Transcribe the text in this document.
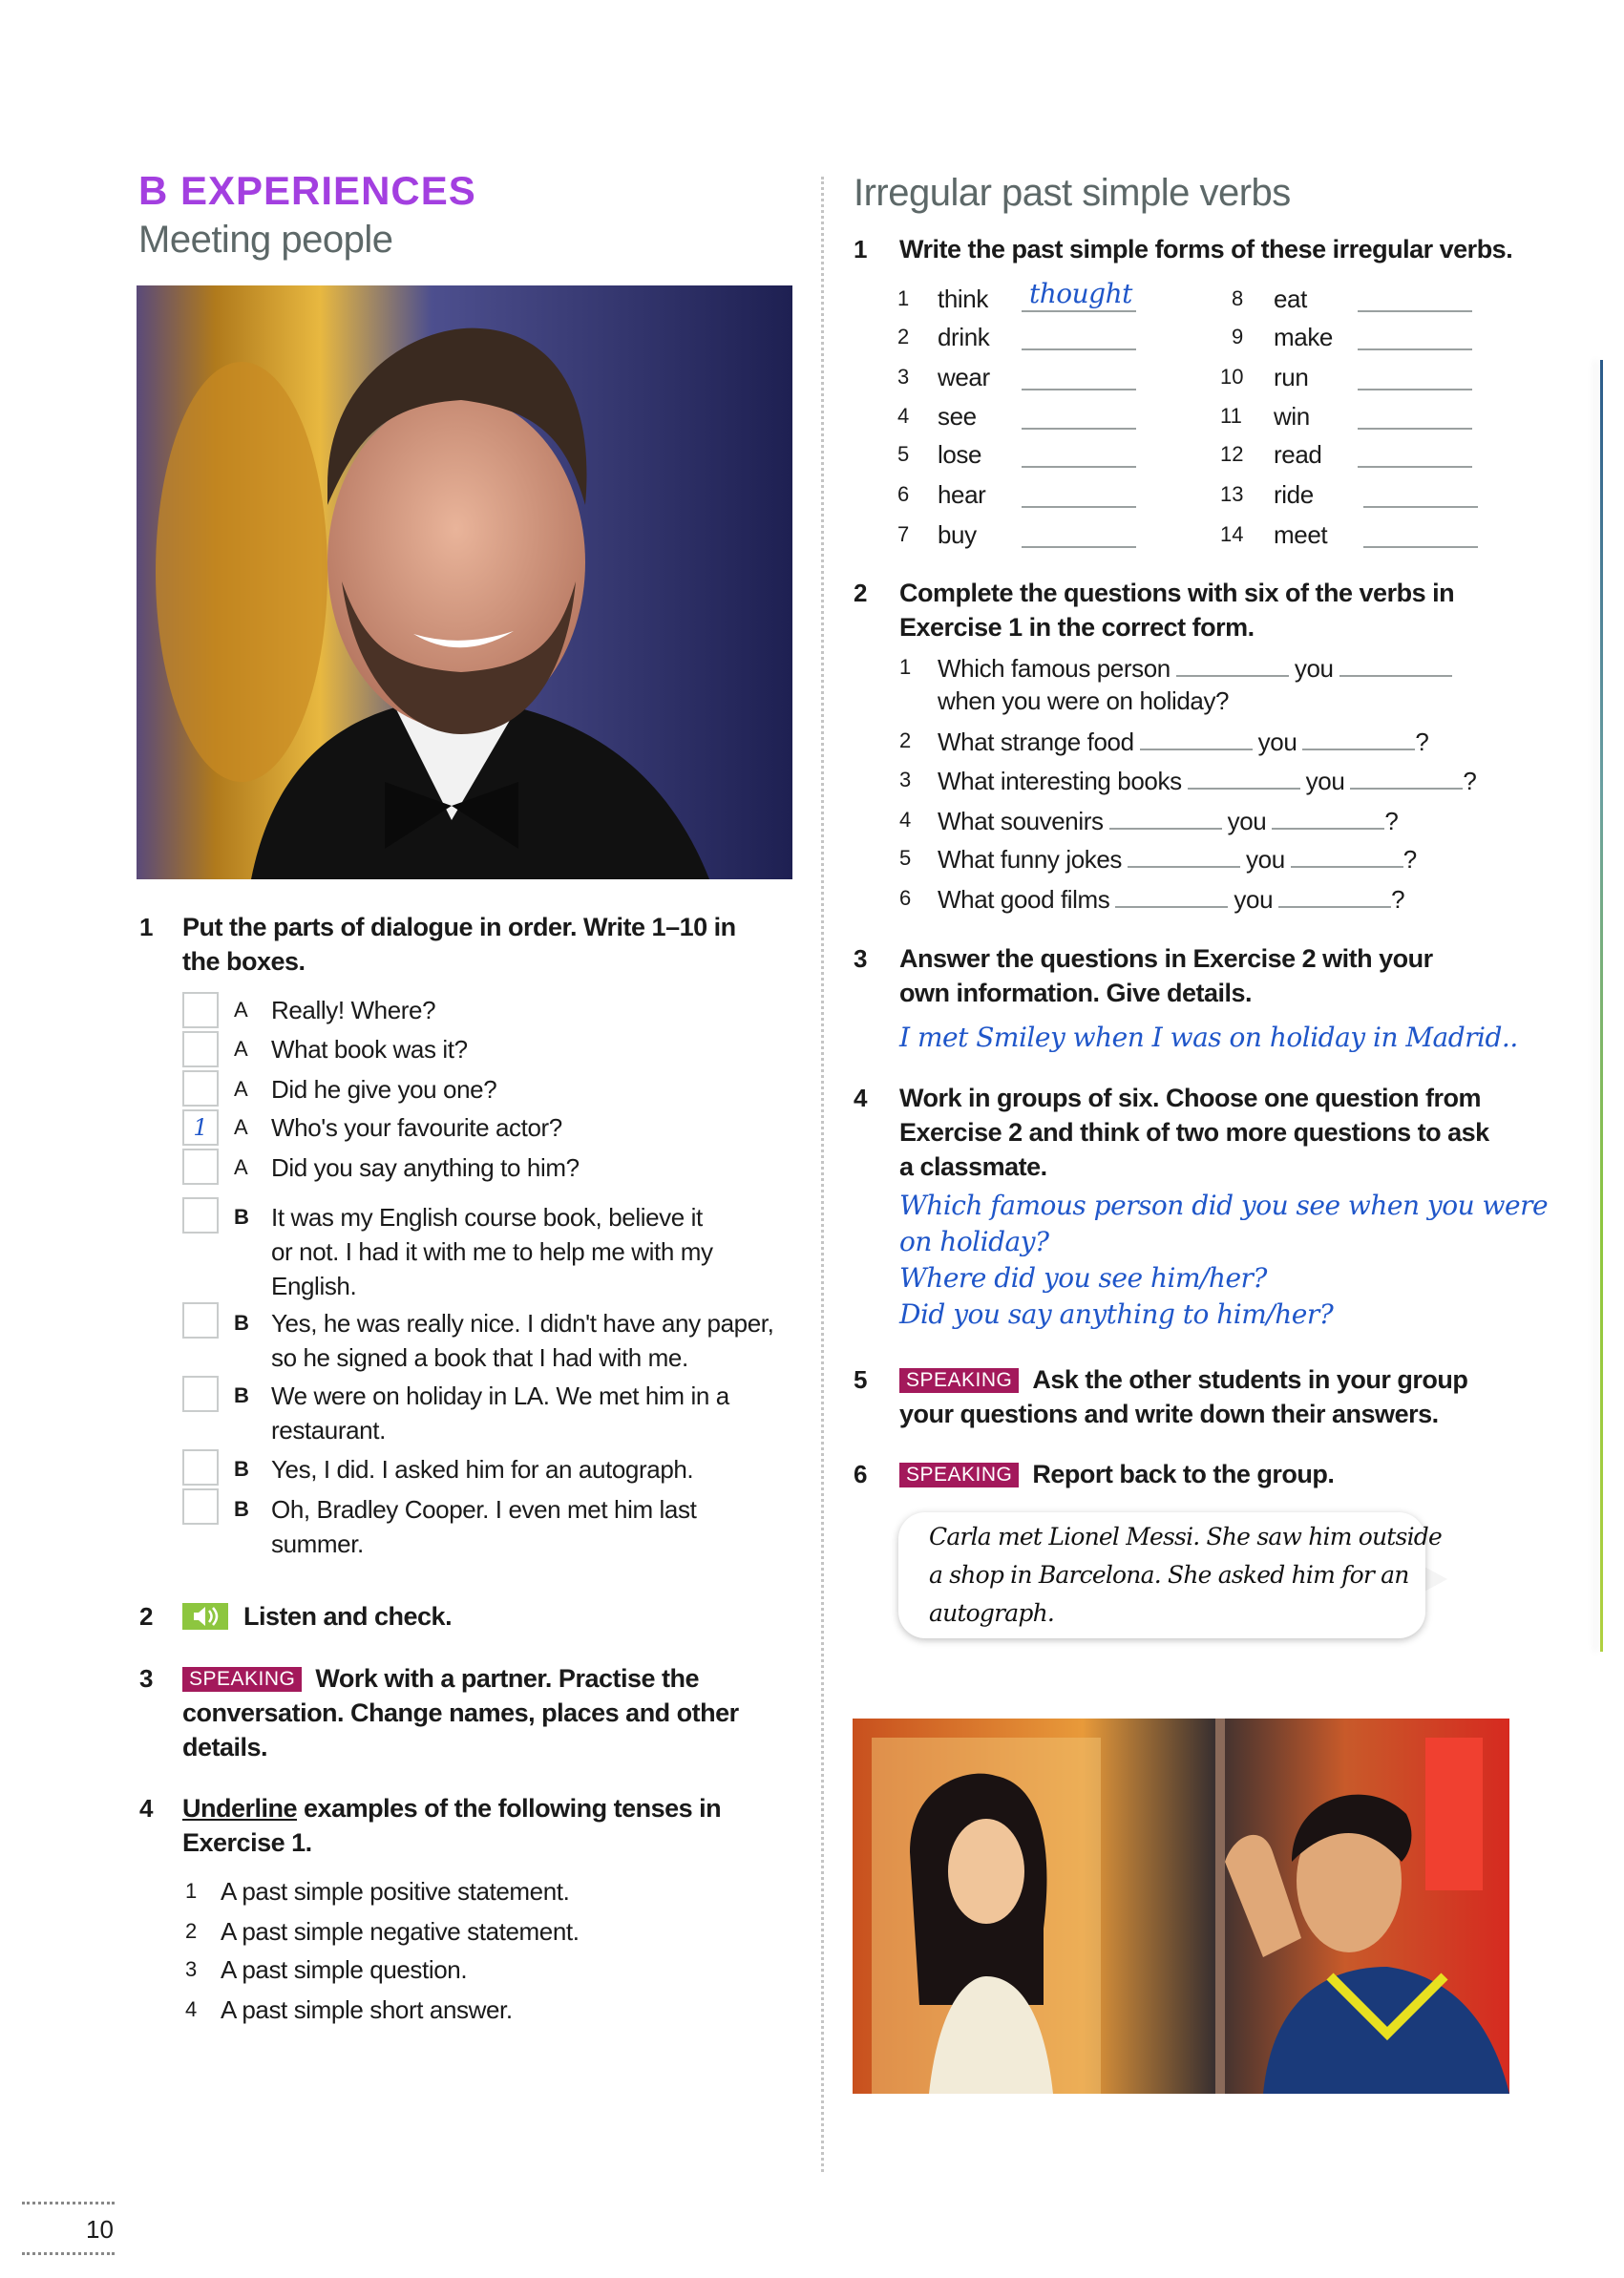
B EXPERIENCES
Meeting people
1 Put the parts of dialogue in order. Write 1–10 in
the boxes.
A Really! Where?
A What book was it?
A Did he give you one?
1	A Who's your favourite actor?
A Did you say anything to him?
B It was my English course book, believe it
or not. I had it with me to help me with my
English.
B Yes, he was really nice. I didn't have any paper,
so he signed a book that I had with me.
B We were on holiday in LA. We met him in a
restaurant.
B Yes, I did. I asked him for an autograph.
B Oh, Bradley Cooper. I even met him last
summer.
2	Listen and check.
3	SPEAKING Work with a partner. Practise the
conversation. Change names, places and other
details.
4 Underline examples of the following tenses in
Exercise 1.
1 A past simple positive statement.
2 A past simple negative statement.
3 A past simple question.
4 A past simple short answer.
Irregular past simple verbs
1 Write the past simple forms of these irregular verbs.
1 think thought
2 drink
3 wear
4 see
5 lose
6 hear
7 buy
8 eat
9 make
10 run
11 win
12 read
13 ride
14 meet
2 Complete the questions with six of the verbs in
Exercise 1 in the correct form.
1 Which famous person	you
2 What strange food	you	?
3 What interesting books	you	?
4 What souvenirs	you	?
5 What funny jokes	you	?
6 What good films	you	?
when you were on holiday?
3 Answer the questions in Exercise 2 with your
own information. Give details.
I met Smiley when I was on holiday in Madrid..
4 Work in groups of six. Choose one question from
Exercise 2 and think of two more questions to ask
a classmate.
Which famous person did you see when you were
on holiday?
Where did you see him/her?
Did you say anything to him/her?
5	SPEAKING Ask the other students in your group
your questions and write down their answers.
6	SPEAKING Report back to the group.
Carla met Lionel Messi. She saw him outside
a shop in Barcelona. She asked him for an
autograph.
10
